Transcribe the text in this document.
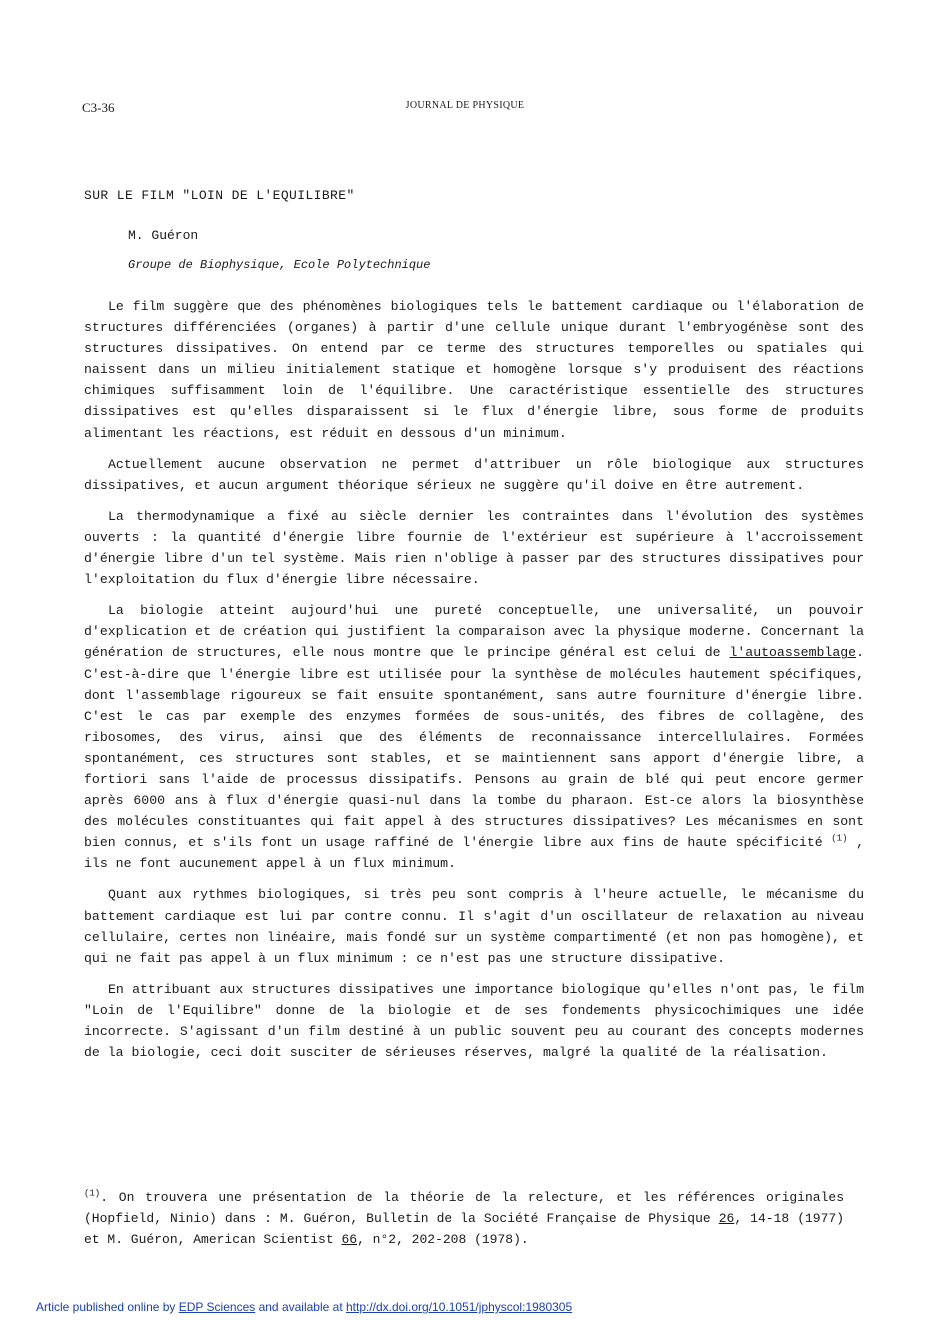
C3-36	JOURNAL DE PHYSIQUE
SUR LE FILM "LOIN DE L'EQUILIBRE"
M. Guéron
Groupe de Biophysique, Ecole Polytechnique

Le film suggère que des phénomènes biologiques tels le battement cardiaque ou l'élaboration de structures différenciées (organes) à partir d'une cellule unique durant l'embryogénèse sont des structures dissipatives. On entend par ce terme des structures temporelles ou spatiales qui naissent dans un milieu initialement statique et homogène lorsque s'y produisent des réactions chimiques suffisamment loin de l'équilibre. Une caractéristique essentielle des structures dissipatives est qu'elles disparaissent si le flux d'énergie libre, sous forme de produits alimentant les réactions, est réduit en dessous d'un minimum.

Actuellement aucune observation ne permet d'attribuer un rôle biologique aux structures dissipatives, et aucun argument théorique sérieux ne suggère qu'il doive en être autrement.

La thermodynamique a fixé au siècle dernier les contraintes dans l'évolution des systèmes ouverts : la quantité d'énergie libre fournie de l'extérieur est supérieure à l'accroissement d'énergie libre d'un tel système. Mais rien n'oblige à passer par des structures dissipatives pour l'exploitation du flux d'énergie libre nécessaire.

La biologie atteint aujourd'hui une pureté conceptuelle, une universalité, un pouvoir d'explication et de création qui justifient la comparaison avec la physique moderne. Concernant la génération de structures, elle nous montre que le principe général est celui de l'autoassemblage. C'est-à-dire que l'énergie libre est utilisée pour la synthèse de molécules hautement spécifiques, dont l'assemblage rigoureux se fait ensuite spontanément, sans autre fourniture d'énergie libre. C'est le cas par exemple des enzymes formées de sous-unités, des fibres de collagène, des ribosomes, des virus, ainsi que des éléments de reconnaissance intercellulaires. Formées spontanément, ces structures sont stables, et se maintiennent sans apport d'énergie libre, a fortiori sans l'aide de processus dissipatifs. Pensons au grain de blé qui peut encore germer après 6000 ans à flux d'énergie quasi-nul dans la tombe du pharaon. Est-ce alors la biosynthèse des molécules constituantes qui fait appel à des structures dissipatives? Les mécanismes en sont bien connus, et s'ils font un usage raffiné de l'énergie libre aux fins de haute spécificité $^{(1)}$ , ils ne font aucunement appel à un flux minimum.

Quant aux rythmes biologiques, si très peu sont compris à l'heure actuelle, le mécanisme du battement cardiaque est lui par contre connu. Il s'agit d'un oscillateur de relaxation au niveau cellulaire, certes non linéaire, mais fondé sur un système compartimenté (et non pas homogène), et qui ne fait pas appel à un flux minimum : ce n'est pas une structure dissipative.

En attribuant aux structures dissipatives une importance biologique qu'elles n'ont pas, le film "Loin de l'Equilibre" donne de la biologie et de ses fondements physicochimiques une idée incorrecte. S'agissant d'un film destiné à un public souvent peu au courant des concepts modernes de la biologie, ceci doit susciter de sérieuses réserves, malgré la qualité de la réalisation.

$^{(1)}$. On trouvera une présentation de la théorie de la relecture, et les références originales (Hopfield, Ninio) dans : M. Guéron, Bulletin de la Société Française de Physique 26, 14-18 (1977) et M. Guéron, American Scientist 66, n°2, 202-208 (1978).

Article published online by EDP Sciences and available at http://dx.doi.org/10.1051/jphyscol:1980305
